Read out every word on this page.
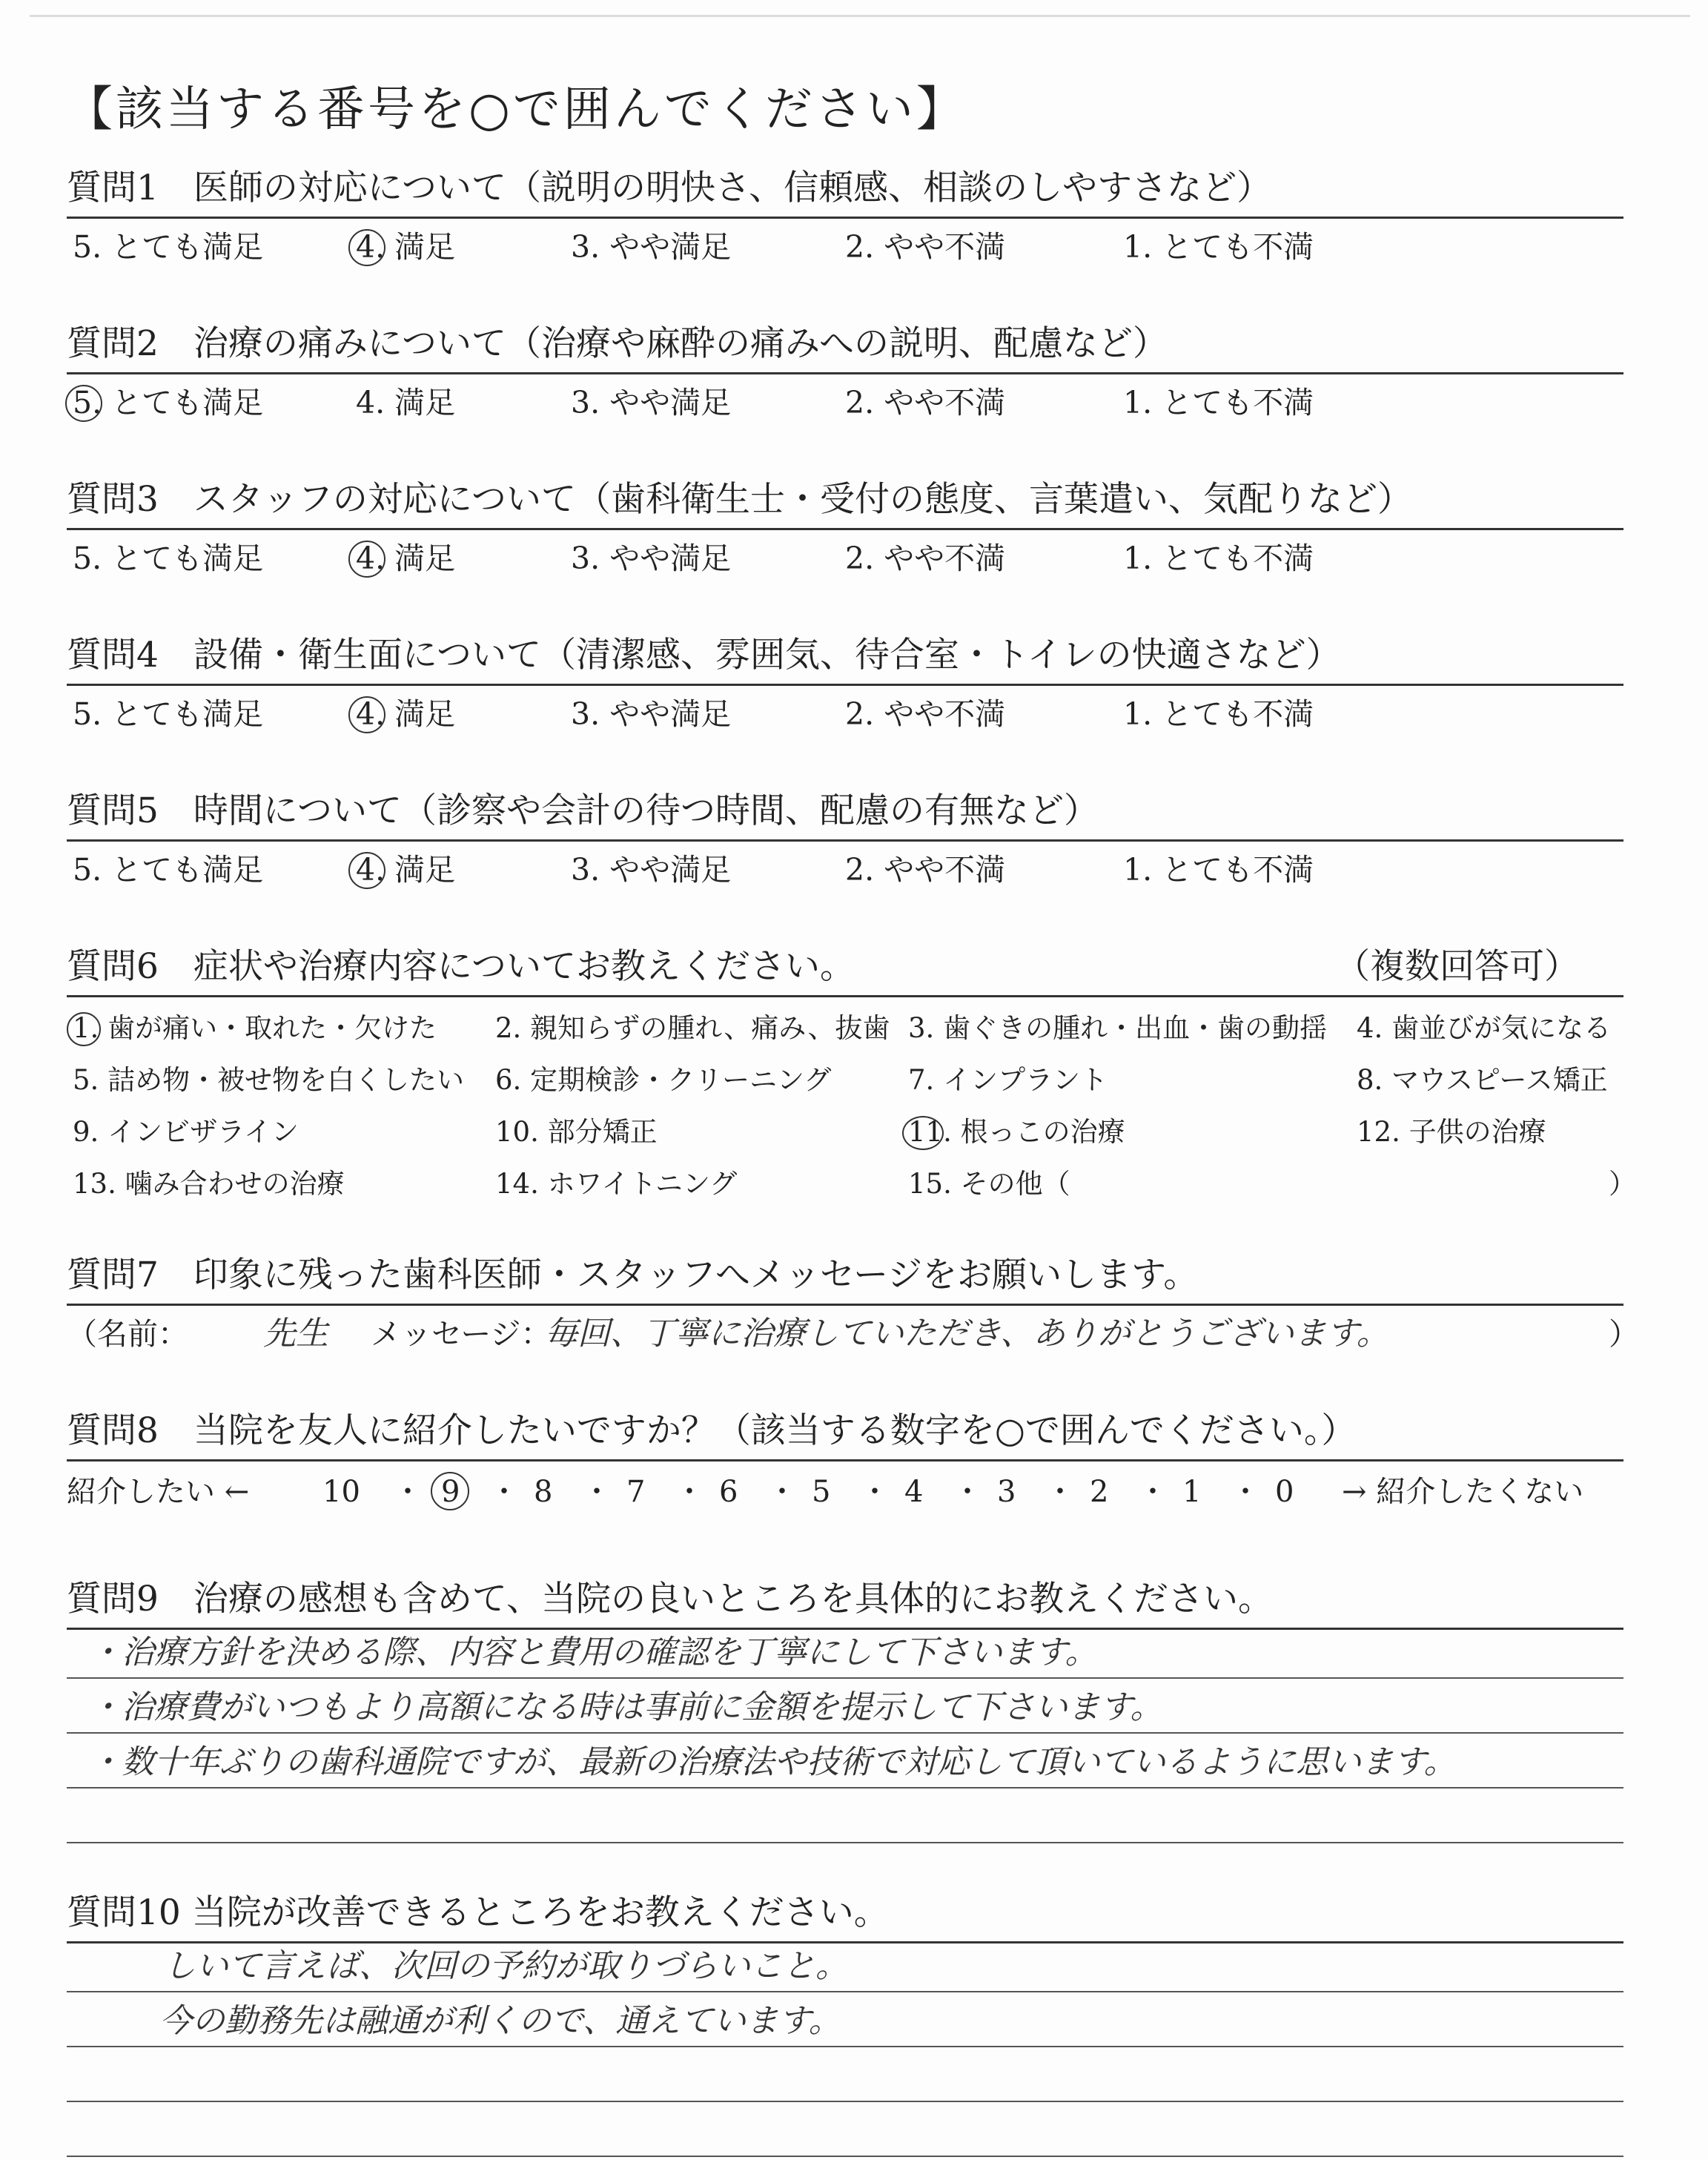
【該当する番号を○で囲んでください】
質問1　医師の対応について（説明の明快さ、信頼感、相談のしやすさなど）
5. とても満足	4. 満足	3. やや満足	2. やや不満	1. とても不満
質問2　治療の痛みについて（治療や麻酔の痛みへの説明、配慮など）
5. とても満足	4. 満足	3. やや満足	2. やや不満	1. とても不満
質問3　スタッフの対応について（歯科衛生士・受付の態度、言葉遣い、気配りなど）
5. とても満足	4. 満足	3. やや満足	2. やや不満	1. とても不満
質問4　設備・衛生面について（清潔感、雰囲気、待合室・トイレの快適さなど）
5. とても満足	4. 満足	3. やや満足	2. やや不満	1. とても不満
質問5　時間について（診察や会計の待つ時間、配慮の有無など）
5. とても満足	4. 満足	3. やや満足	2. やや不満	1. とても不満
質問6　症状や治療内容についてお教えください。	（複数回答可）
1. 歯が痛い・取れた・欠けた 2. 親知らずの腫れ、痛み、抜歯 3. 歯ぐきの腫れ・出血・歯の動揺 4. 歯並びが気になる
5. 詰め物・被せ物を白くしたい 6. 定期検診・クリーニング	7. インプラント	8. マウスピース矯正
9. インビザライン	10. 部分矯正	11. 根っこの治療	12. 子供の治療
13. 噛み合わせの治療	14. ホワイトニング	15. その他（	）
質問7　印象に残った歯科医師・スタッフへメッセージをお願いします。
（名前： 先生 メッセージ：
毎回、丁寧に治療していただき、ありがとうございます。	）
質問8　当院を友人に紹介したいですか？（該当する数字を○で囲んでください。）
紹介したい ← 10 ・ 9 ・ 8 ・ 7 ・ 6 ・ 5 ・ 4 ・ 3 ・ 2 ・ 1 ・ 0 → 紹介したくない
質問9　治療の感想も含めて、当院の良いところを具体的にお教えください。
・治療方針を決める際、内容と費用の確認を丁寧にして下さいます。
・治療費がいつもより高額になる時は事前に金額を提示して下さいます。
・数十年ぶりの歯科通院ですが、最新の治療法や技術で対応して頂いているように思います。
質問10 当院が改善できるところをお教えください。
しいて言えば、次回の予約が取りづらいこと。
今の勤務先は融通が利くので、通えています。
